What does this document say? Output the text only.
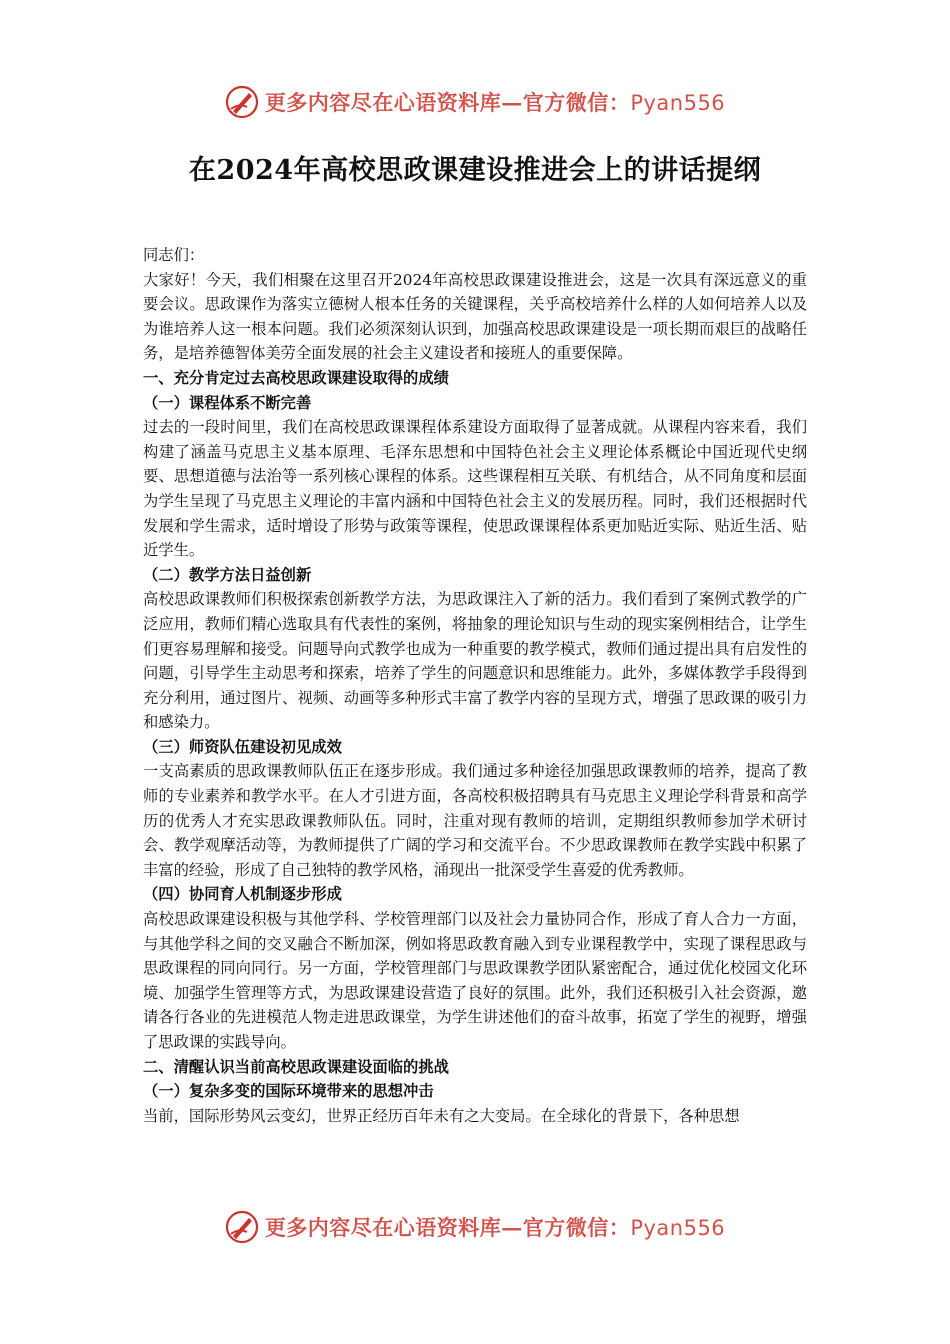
更多内容尽在心语资料库—官方微信：Pyan556
在2024年高校思政课建设推进会上的讲话提纲

同志们：

大家好！今天，我们相聚在这里召开2024年高校思政课建设推进会，这是一次具有深远意义的重要会议。思政课作为落实立德树人根本任务的关键课程，关乎高校培养什么样的人如何培养人以及为谁培养人这一根本问题。我们必须深刻认识到，加强高校思政课建设是一项长期而艰巨的战略任务，是培养德智体美劳全面发展的社会主义建设者和接班人的重要保障。

一、充分肯定过去高校思政课建设取得的成绩

（一）课程体系不断完善

过去的一段时间里，我们在高校思政课课程体系建设方面取得了显著成就。从课程内容来看，我们构建了涵盖马克思主义基本原理、毛泽东思想和中国特色社会主义理论体系概论中国近现代史纲要、思想道德与法治等一系列核心课程的体系。这些课程相互关联、有机结合，从不同角度和层面为学生呈现了马克思主义理论的丰富内涵和中国特色社会主义的发展历程。同时，我们还根据时代发展和学生需求，适时增设了形势与政策等课程，使思政课课程体系更加贴近实际、贴近生活、贴近学生。

（二）教学方法日益创新

高校思政课教师们积极探索创新教学方法，为思政课注入了新的活力。我们看到了案例式教学的广泛应用，教师们精心选取具有代表性的案例，将抽象的理论知识与生动的现实案例相结合，让学生们更容易理解和接受。问题导向式教学也成为一种重要的教学模式，教师们通过提出具有启发性的问题，引导学生主动思考和探索，培养了学生的问题意识和思维能力。此外，多媒体教学手段得到充分利用，通过图片、视频、动画等多种形式丰富了教学内容的呈现方式，增强了思政课的吸引力和感染力。

（三）师资队伍建设初见成效

一支高素质的思政课教师队伍正在逐步形成。我们通过多种途径加强思政课教师的培养，提高了教师的专业素养和教学水平。在人才引进方面，各高校积极招聘具有马克思主义理论学科背景和高学历的优秀人才充实思政课教师队伍。同时，注重对现有教师的培训，定期组织教师参加学术研讨会、教学观摩活动等，为教师提供了广阔的学习和交流平台。不少思政课教师在教学实践中积累了丰富的经验，形成了自己独特的教学风格，涌现出一批深受学生喜爱的优秀教师。

（四）协同育人机制逐步形成

高校思政课建设积极与其他学科、学校管理部门以及社会力量协同合作，形成了育人合力一方面，与其他学科之间的交叉融合不断加深，例如将思政教育融入到专业课程教学中，实现了课程思政与思政课程的同向同行。另一方面，学校管理部门与思政课教学团队紧密配合，通过优化校园文化环境、加强学生管理等方式，为思政课建设营造了良好的氛围。此外，我们还积极引入社会资源，邀请各行各业的先进模范人物走进思政课堂，为学生讲述他们的奋斗故事，拓宽了学生的视野，增强了思政课的实践导向。

二、清醒认识当前高校思政课建设面临的挑战

（一）复杂多变的国际环境带来的思想冲击

当前，国际形势风云变幻，世界正经历百年未有之大变局。在全球化的背景下，各种思想

更多内容尽在心语资料库—官方微信：Pyan556
